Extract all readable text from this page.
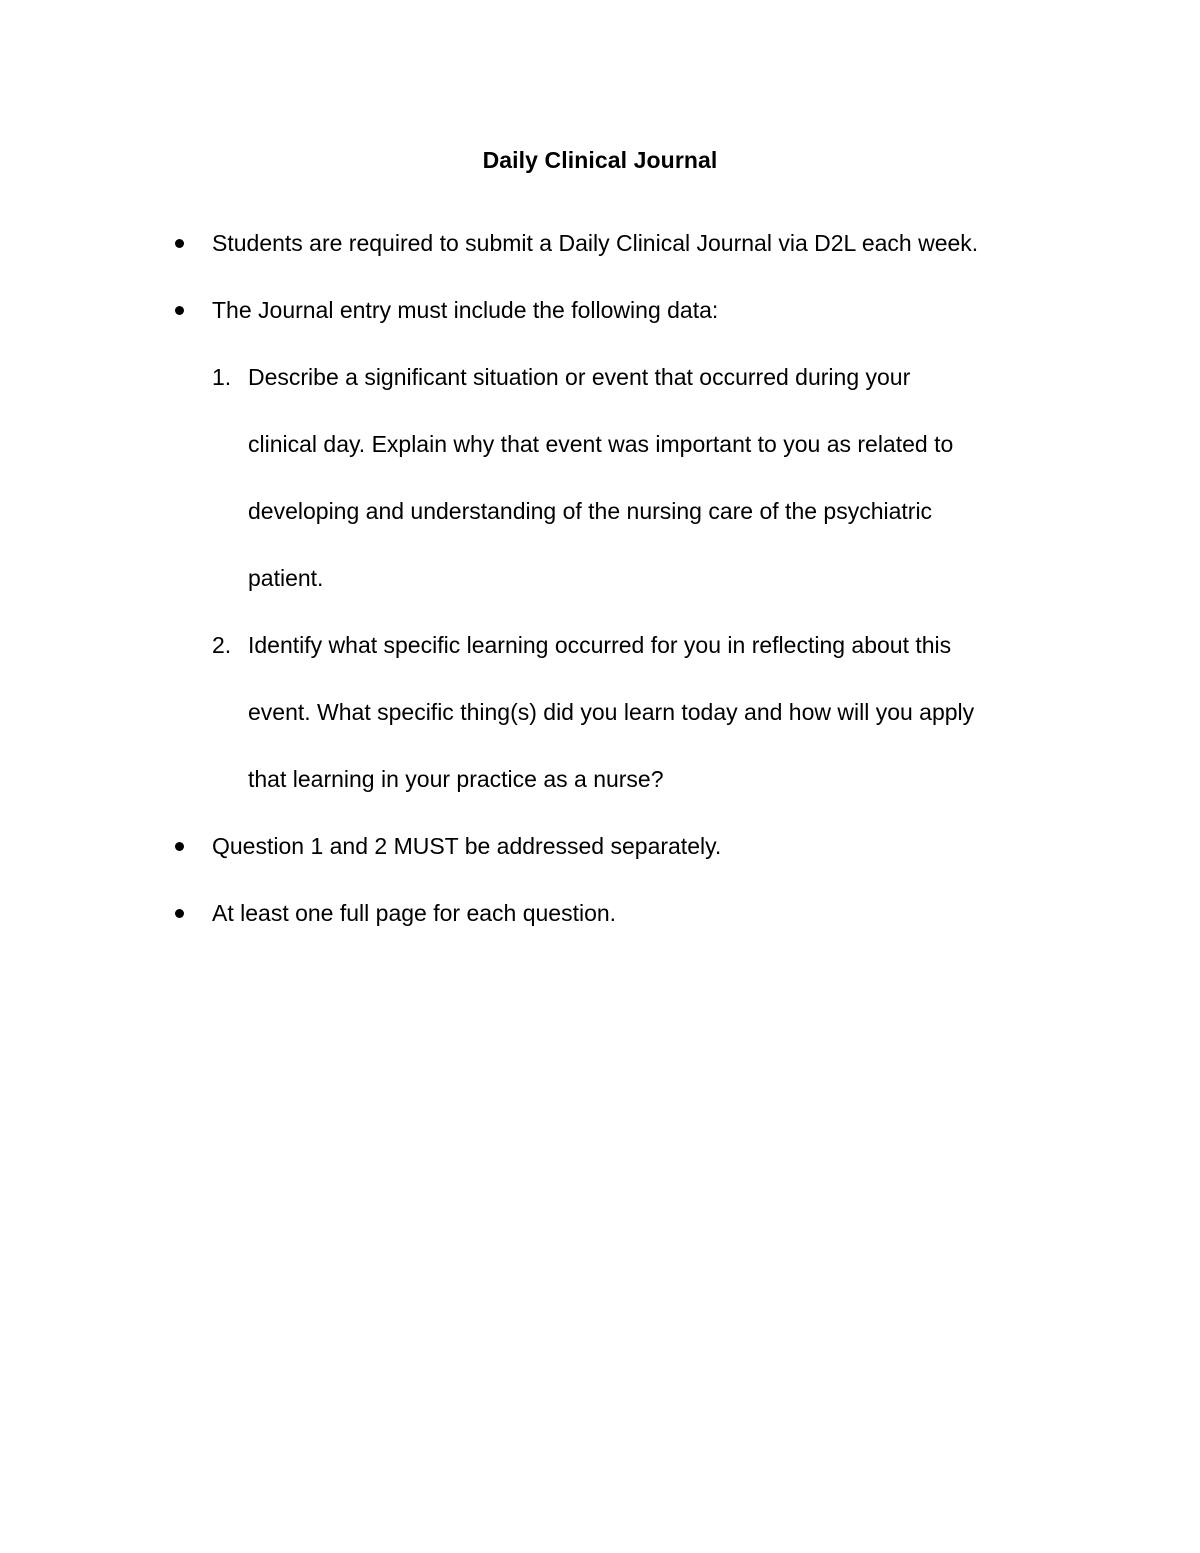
Daily Clinical Journal
Students are required to submit a Daily Clinical Journal via D2L each week.
The Journal entry must include the following data:
1. Describe a significant situation or event that occurred during your
clinical day. Explain why that event was important to you as related to
developing and understanding of the nursing care of the psychiatric
patient.
2. Identify what specific learning occurred for you in reflecting about this
event. What specific thing(s) did you learn today and how will you apply
that learning in your practice as a nurse?
Question 1 and 2 MUST be addressed separately.
At least one full page for each question.
